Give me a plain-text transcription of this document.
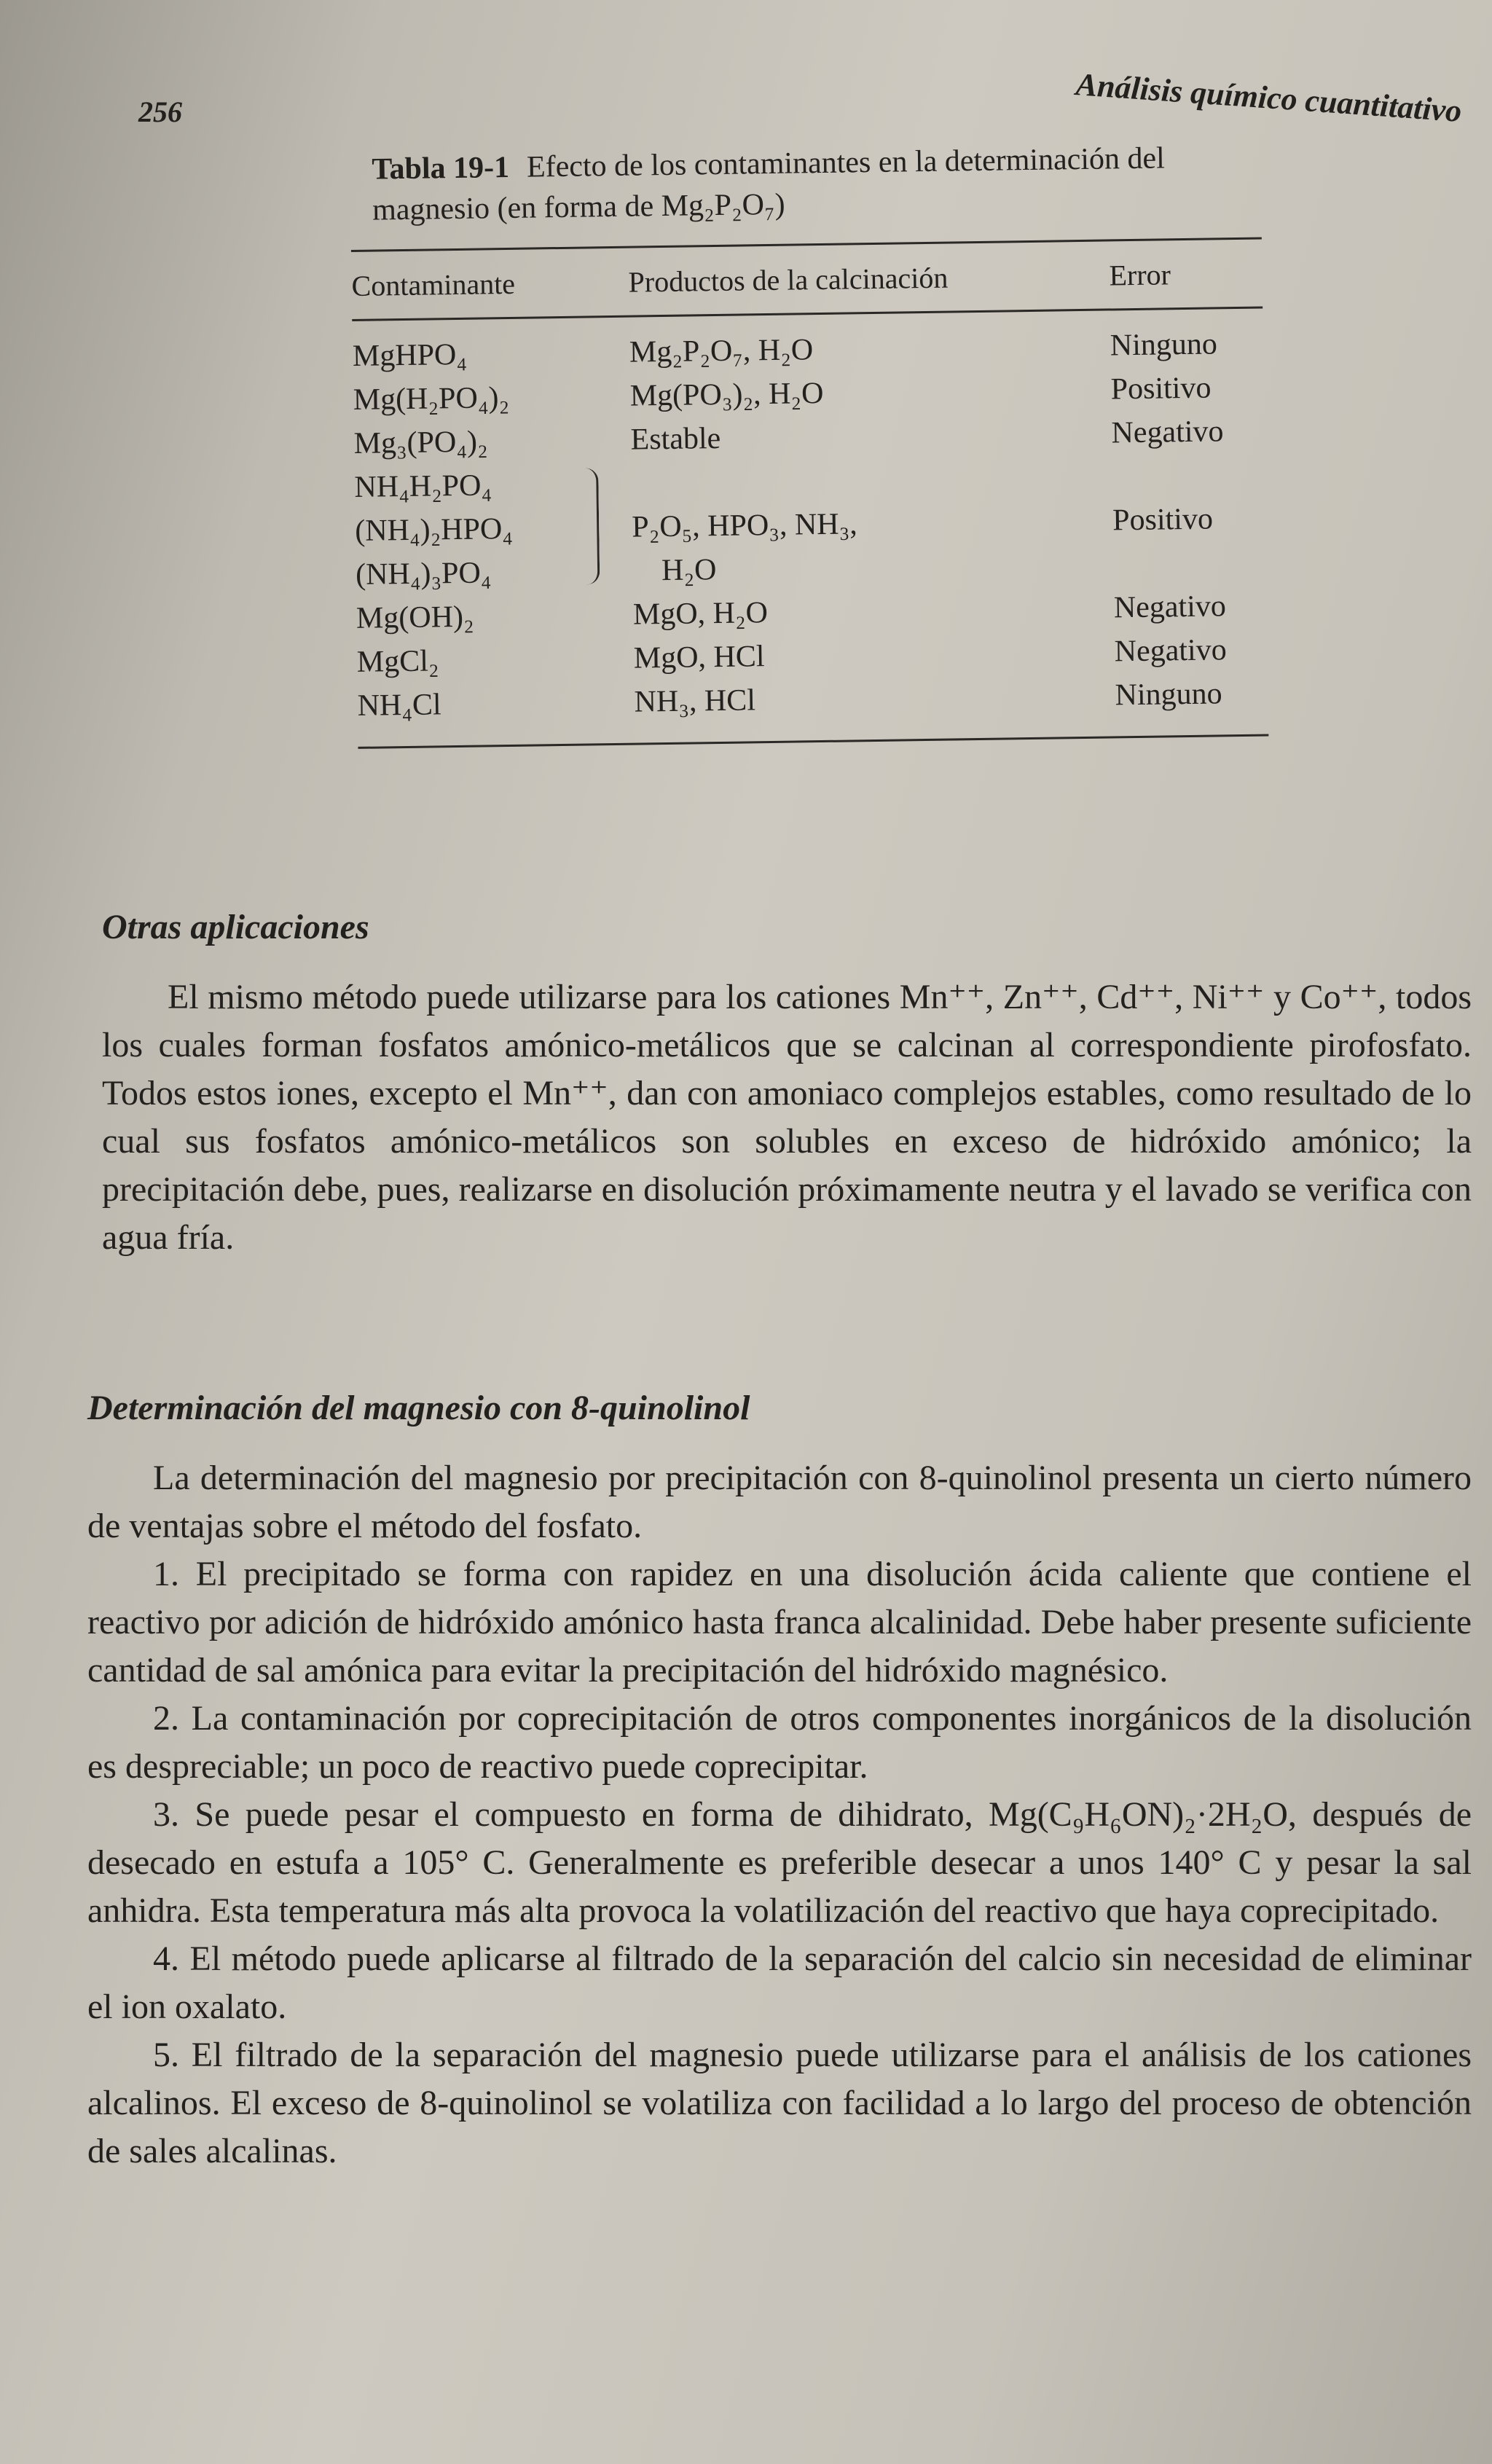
256	Análisis químico cuantitativo
Tabla 19-1 Efecto de los contaminantes en la determinación del magnesio (en forma de Mg₂P₂O₇)
Contaminante	Productos de la calcinación	Error
MgHPO₄	Mg₂P₂O₇, H₂O	Ninguno
Mg(H₂PO₄)₂	Mg(PO₃)₂, H₂O	Positivo
Mg₃(PO₄)₂	Estable	Negativo
NH₄H₂PO₄
(NH₄)₂HPO₄	P₂O₅, HPO₃, NH₃,	Positivo
(NH₄)₃PO₄	H₂O
Mg(OH)₂	MgO, H₂O	Negativo
MgCl₂	MgO, HCl	Negativo
NH₄Cl	NH₃, HCl	Ninguno
Otras aplicaciones

El mismo método puede utilizarse para los cationes Mn⁺⁺, Zn⁺⁺, Cd⁺⁺, Ni⁺⁺ y Co⁺⁺, todos los cuales forman fosfatos amónico-metálicos que se calcinan al correspondiente pirofosfato. Todos estos iones, excepto el Mn⁺⁺, dan con amoniaco complejos estables, como resultado de lo cual sus fosfatos amónico-metálicos son solubles en exceso de hidróxido amónico; la precipitación debe, pues, realizarse en disolución próximamente neutra y el lavado se verifica con agua fría.

Determinación del magnesio con 8-quinolinol

La determinación del magnesio por precipitación con 8-quinolinol presenta un cierto número de ventajas sobre el método del fosfato.

1. El precipitado se forma con rapidez en una disolución ácida caliente que contiene el reactivo por adición de hidróxido amónico hasta franca alcalinidad. Debe haber presente suficiente cantidad de sal amónica para evitar la precipitación del hidróxido magnésico.

2. La contaminación por coprecipitación de otros componentes inorgánicos de la disolución es despreciable; un poco de reactivo puede coprecipitar.

3. Se puede pesar el compuesto en forma de dihidrato, Mg(C₉H₆ON)₂·2H₂O, después de desecado en estufa a 105° C. Generalmente es preferible desecar a unos 140° C y pesar la sal anhidra. Esta temperatura más alta provoca la volatilización del reactivo que haya coprecipitado.

4. El método puede aplicarse al filtrado de la separación del calcio sin necesidad de eliminar el ion oxalato.

5. El filtrado de la separación del magnesio puede utilizarse para el análisis de los cationes alcalinos. El exceso de 8-quinolinol se volatiliza con facilidad a lo largo del proceso de obtención de sales alcalinas.
